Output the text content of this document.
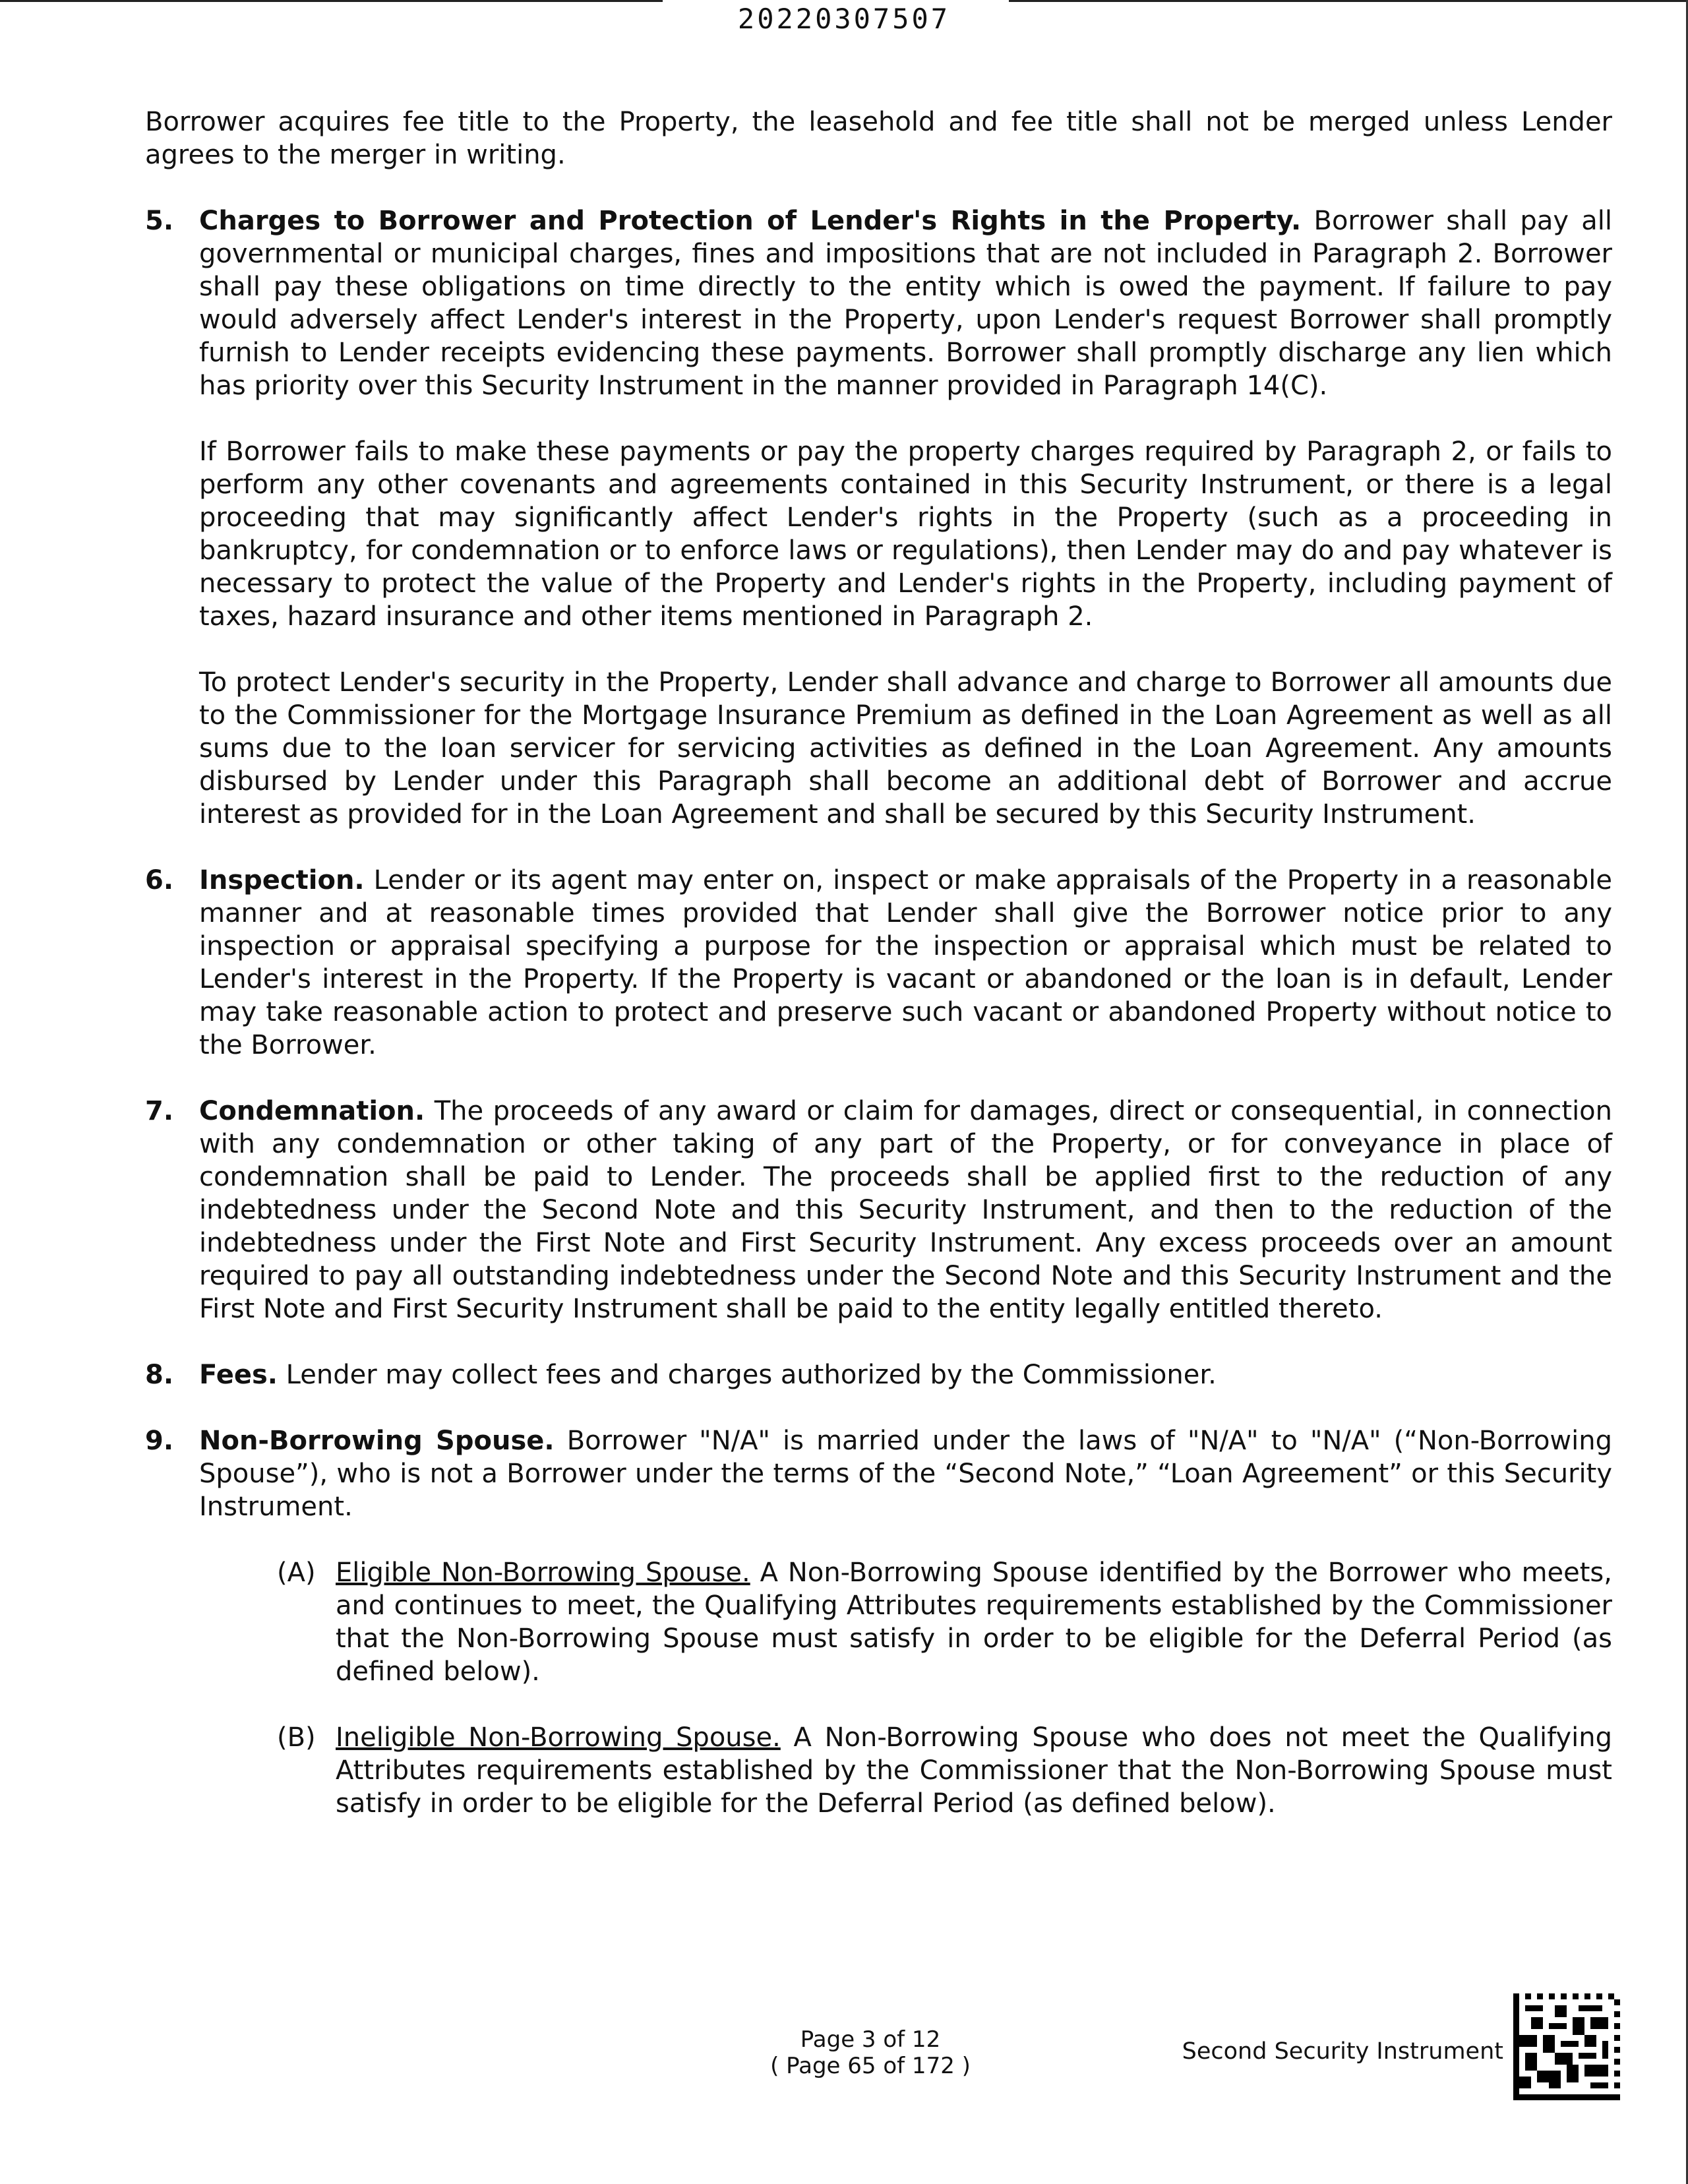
20220307507

Borrower acquires fee title to the Property, the leasehold and fee title shall not be merged unless Lender agrees to the merger in writing.

5. Charges to Borrower and Protection of Lender's Rights in the Property. Borrower shall pay all governmental or municipal charges, fines and impositions that are not included in Paragraph 2. Borrower shall pay these obligations on time directly to the entity which is owed the payment. If failure to pay would adversely affect Lender's interest in the Property, upon Lender's request Borrower shall promptly furnish to Lender receipts evidencing these payments. Borrower shall promptly discharge any lien which has priority over this Security Instrument in the manner provided in Paragraph 14(C).

If Borrower fails to make these payments or pay the property charges required by Paragraph 2, or fails to perform any other covenants and agreements contained in this Security Instrument, or there is a legal proceeding that may significantly affect Lender's rights in the Property (such as a proceeding in bankruptcy, for condemnation or to enforce laws or regulations), then Lender may do and pay whatever is necessary to protect the value of the Property and Lender's rights in the Property, including payment of taxes, hazard insurance and other items mentioned in Paragraph 2.

To protect Lender's security in the Property, Lender shall advance and charge to Borrower all amounts due to the Commissioner for the Mortgage Insurance Premium as defined in the Loan Agreement as well as all sums due to the loan servicer for servicing activities as defined in the Loan Agreement. Any amounts disbursed by Lender under this Paragraph shall become an additional debt of Borrower and accrue interest as provided for in the Loan Agreement and shall be secured by this Security Instrument.

6. Inspection. Lender or its agent may enter on, inspect or make appraisals of the Property in a reasonable manner and at reasonable times provided that Lender shall give the Borrower notice prior to any inspection or appraisal specifying a purpose for the inspection or appraisal which must be related to Lender's interest in the Property. If the Property is vacant or abandoned or the loan is in default, Lender may take reasonable action to protect and preserve such vacant or abandoned Property without notice to the Borrower.

7. Condemnation. The proceeds of any award or claim for damages, direct or consequential, in connection with any condemnation or other taking of any part of the Property, or for conveyance in place of condemnation shall be paid to Lender. The proceeds shall be applied first to the reduction of any indebtedness under the Second Note and this Security Instrument, and then to the reduction of the indebtedness under the First Note and First Security Instrument. Any excess proceeds over an amount required to pay all outstanding indebtedness under the Second Note and this Security Instrument and the First Note and First Security Instrument shall be paid to the entity legally entitled thereto.

8. Fees. Lender may collect fees and charges authorized by the Commissioner.

9. Non-Borrowing Spouse. Borrower "N/A" is married under the laws of "N/A" to "N/A" (“Non-Borrowing Spouse”), who is not a Borrower under the terms of the “Second Note,” “Loan Agreement” or this Security Instrument.

(A) Eligible Non-Borrowing Spouse. A Non-Borrowing Spouse identified by the Borrower who meets, and continues to meet, the Qualifying Attributes requirements established by the Commissioner that the Non-Borrowing Spouse must satisfy in order to be eligible for the Deferral Period (as defined below).

(B) Ineligible Non-Borrowing Spouse. A Non-Borrowing Spouse who does not meet the Qualifying Attributes requirements established by the Commissioner that the Non-Borrowing Spouse must satisfy in order to be eligible for the Deferral Period (as defined below).

Page 3 of 12
( Page 65 of 172 )
Second Security Instrument
